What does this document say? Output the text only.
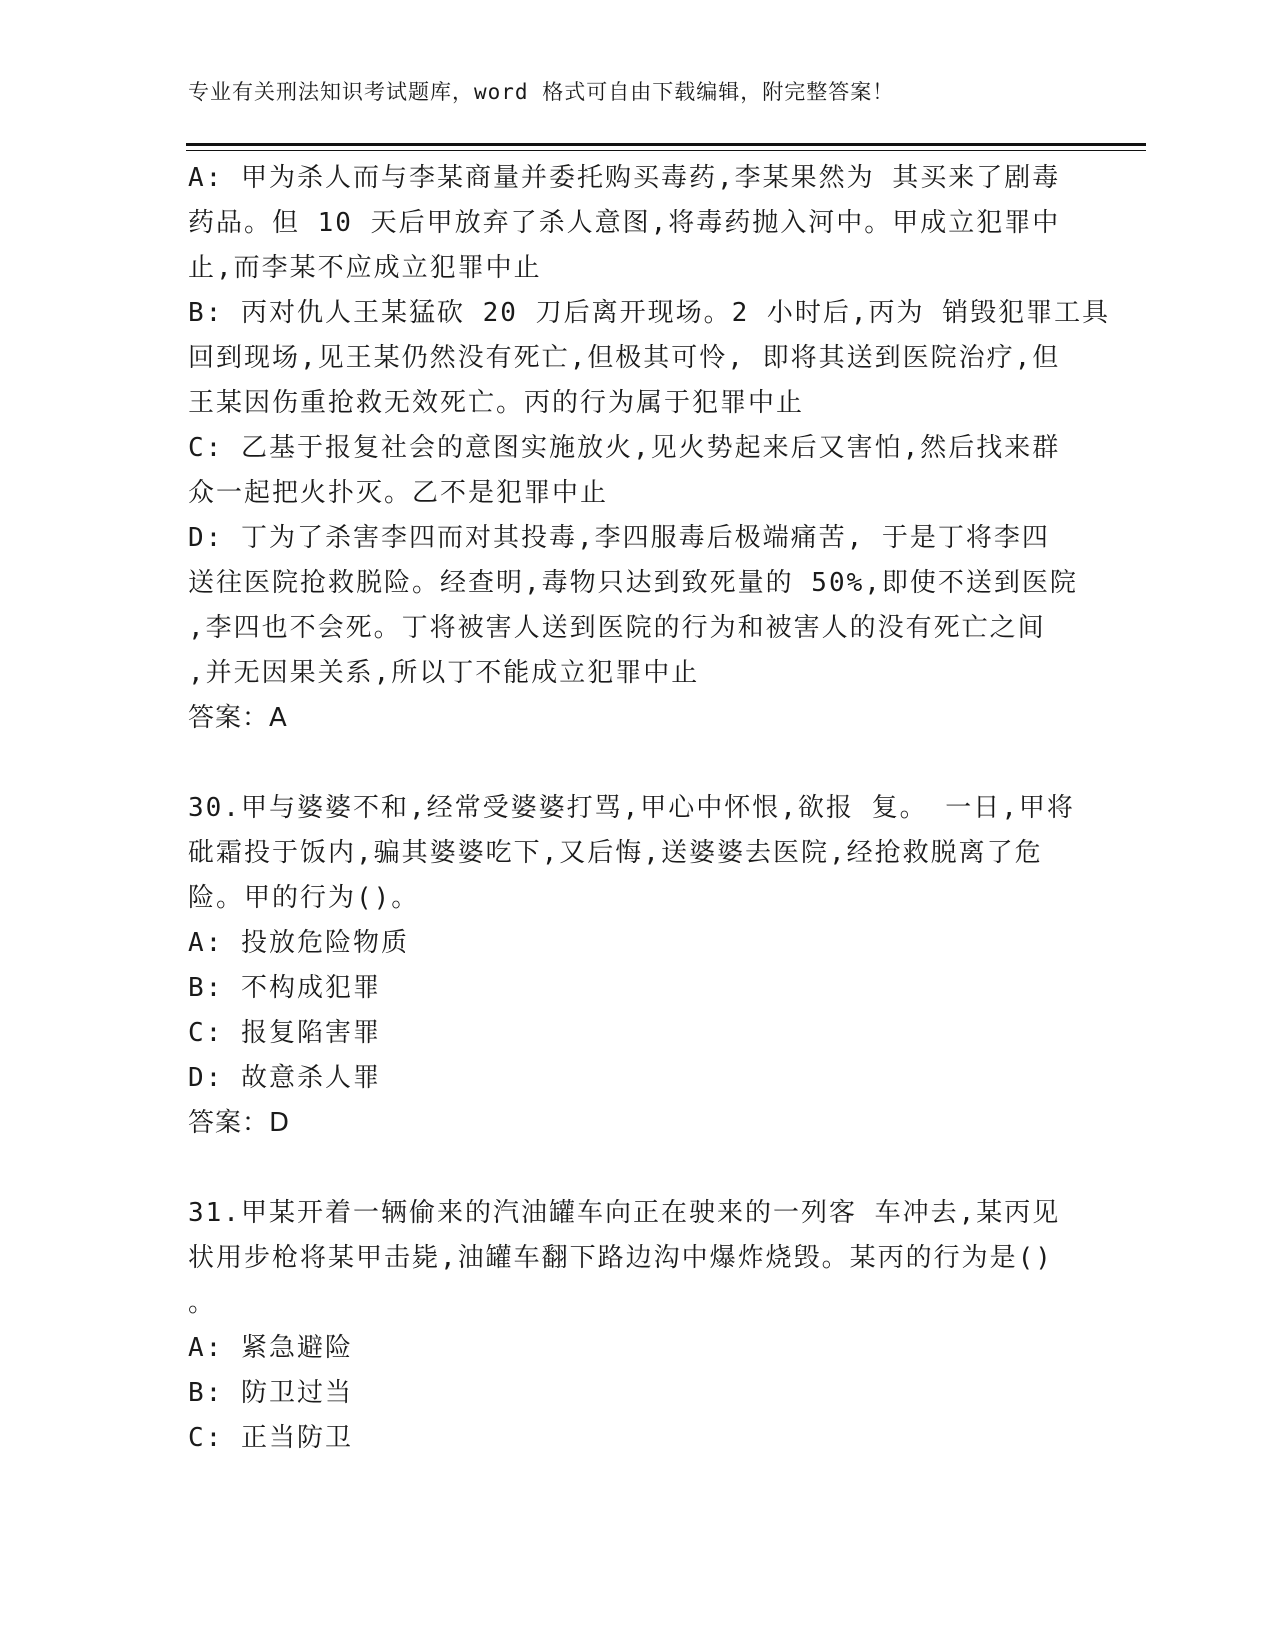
专业有关刑法知识考试题库，word 格式可自由下载编辑，附完整答案！
A: 甲为杀人而与李某商量并委托购买毒药,李某果然为 其买来了剧毒
药品。但 10 天后甲放弃了杀人意图,将毒药抛入河中。甲成立犯罪中
止,而李某不应成立犯罪中止
B: 丙对仇人王某猛砍 20 刀后离开现场。2 小时后,丙为 销毁犯罪工具
回到现场,见王某仍然没有死亡,但极其可怜, 即将其送到医院治疗,但
王某因伤重抢救无效死亡。丙的行为属于犯罪中止
C: 乙基于报复社会的意图实施放火,见火势起来后又害怕,然后找来群
众一起把火扑灭。乙不是犯罪中止
D: 丁为了杀害李四而对其投毒,李四服毒后极端痛苦, 于是丁将李四
送往医院抢救脱险。经查明,毒物只达到致死量的 50%,即使不送到医院
,李四也不会死。丁将被害人送到医院的行为和被害人的没有死亡之间
,并无因果关系,所以丁不能成立犯罪中止
答案：A
30.甲与婆婆不和,经常受婆婆打骂,甲心中怀恨,欲报 复。 一日,甲将
砒霜投于饭内,骗其婆婆吃下,又后悔,送婆婆去医院,经抢救脱离了危
险。甲的行为()。
A: 投放危险物质
B: 不构成犯罪
C: 报复陷害罪
D: 故意杀人罪
答案：D
31.甲某开着一辆偷来的汽油罐车向正在驶来的一列客 车冲去,某丙见
状用步枪将某甲击毙,油罐车翻下路边沟中爆炸烧毁。某丙的行为是()
。
A: 紧急避险
B: 防卫过当
C: 正当防卫
